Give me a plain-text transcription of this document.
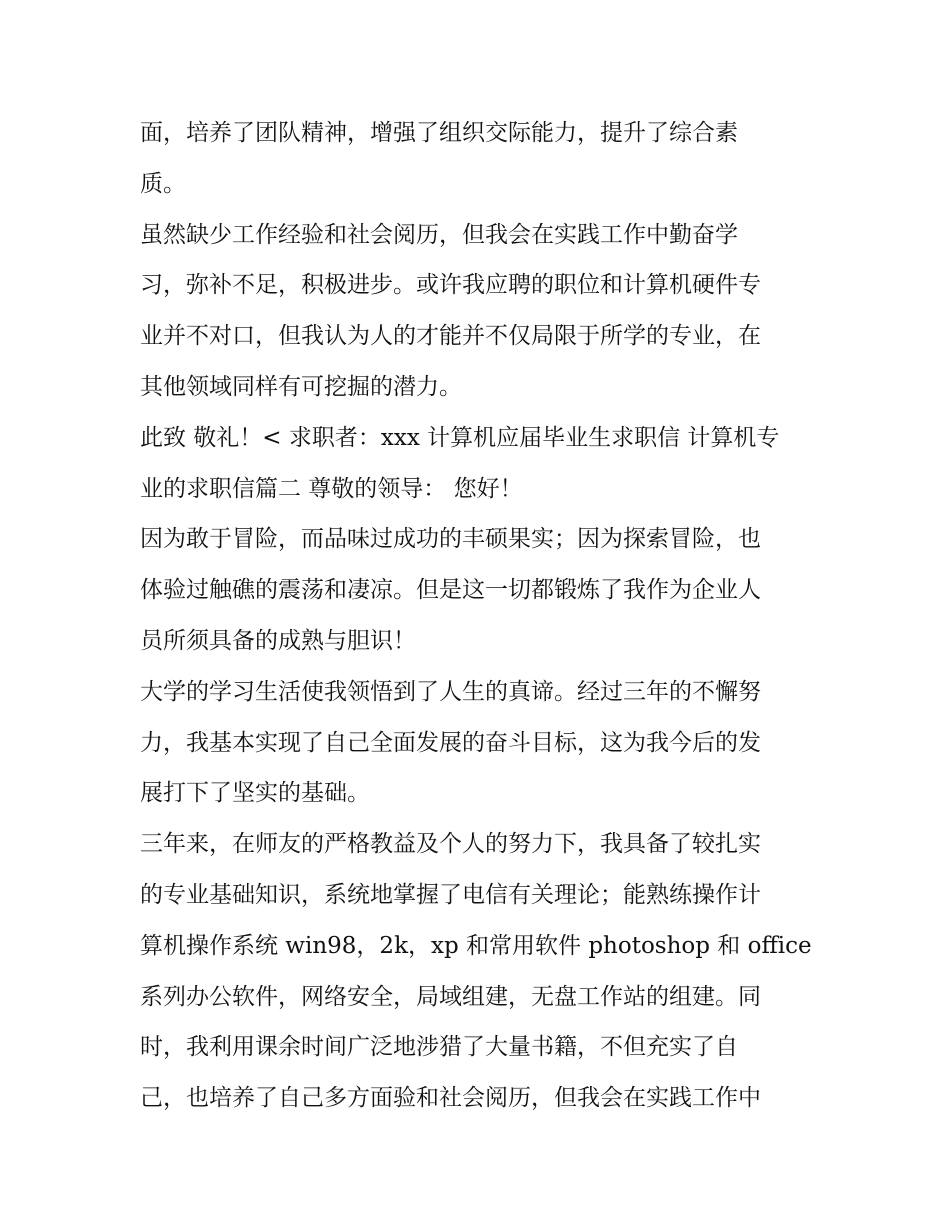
面，培养了团队精神，增强了组织交际能力，提升了综合素
质。
虽然缺少工作经验和社会阅历，但我会在实践工作中勤奋学
习，弥补不足，积极进步。或许我应聘的职位和计算机硬件专
业并不对口，但我认为人的才能并不仅局限于所学的专业，在
其他领域同样有可挖掘的潜力。
此致 敬礼！< 求职者：xxx 计算机应届毕业生求职信 计算机专
业的求职信篇二 尊敬的领导： 您好！
因为敢于冒险，而品味过成功的丰硕果实；因为探索冒险，也
体验过触礁的震荡和凄凉。但是这一切都锻炼了我作为企业人
员所须具备的成熟与胆识！
大学的学习生活使我领悟到了人生的真谛。经过三年的不懈努
力，我基本实现了自己全面发展的奋斗目标，这为我今后的发
展打下了坚实的基础。
三年来，在师友的严格教益及个人的努力下，我具备了较扎实
的专业基础知识，系统地掌握了电信有关理论；能熟练操作计
算机操作系统 win98，2k，xp 和常用软件 photoshop 和 office
系列办公软件，网络安全，局域组建，无盘工作站的组建。同
时，我利用课余时间广泛地涉猎了大量书籍，不但充实了自
己，也培养了自己多方面验和社会阅历，但我会在实践工作中
